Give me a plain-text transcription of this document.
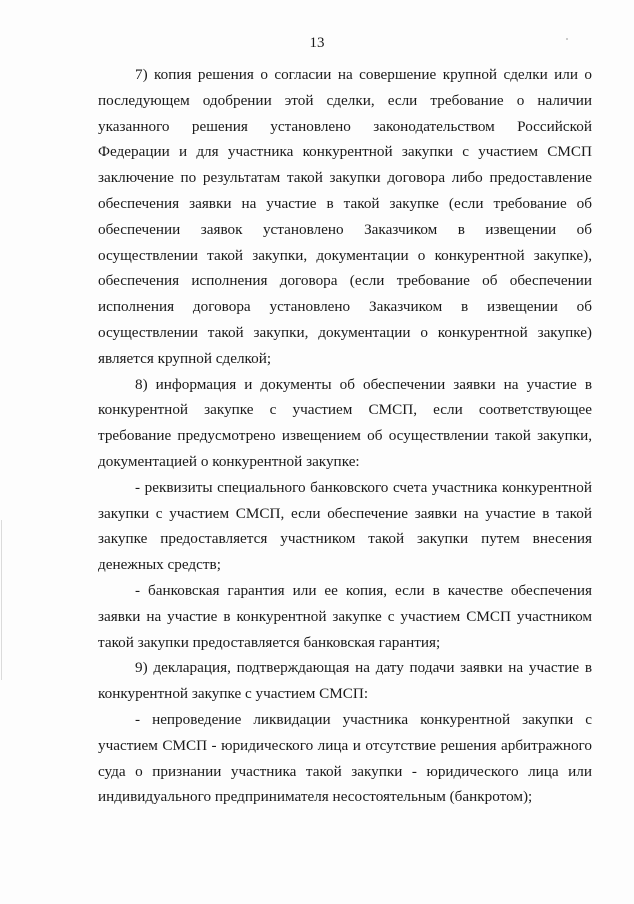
13

7) копия решения о согласии на совершение крупной сделки или о последующем одобрении этой сделки, если требование о наличии указанного решения установлено законодательством Российской Федерации и для участника конкурентной закупки с участием СМСП заключение по результатам такой закупки договора либо предоставление обеспечения заявки на участие в такой закупке (если требование об обеспечении заявок установлено Заказчиком в извещении об осуществлении такой закупки, документации о конкурентной закупке), обеспечения исполнения договора (если требование об обеспечении исполнения договора установлено Заказчиком в извещении об осуществлении такой закупки, документации о конкурентной закупке) является крупной сделкой;

8) информация и документы об обеспечении заявки на участие в конкурентной закупке с участием СМСП, если соответствующее требование предусмотрено извещением об осуществлении такой закупки, документацией о конкурентной закупке:

- реквизиты специального банковского счета участника конкурентной закупки с участием СМСП, если обеспечение заявки на участие в такой закупке предоставляется участником такой закупки путем внесения денежных средств;

- банковская гарантия или ее копия, если в качестве обеспечения заявки на участие в конкурентной закупке с участием СМСП участником такой закупки предоставляется банковская гарантия;

9) декларация, подтверждающая на дату подачи заявки на участие в конкурентной закупке с участием СМСП:

- непроведение ликвидации участника конкурентной закупки с участием СМСП - юридического лица и отсутствие решения арбитражного суда о признании участника такой закупки - юридического лица или индивидуального предпринимателя несостоятельным (банкротом);
